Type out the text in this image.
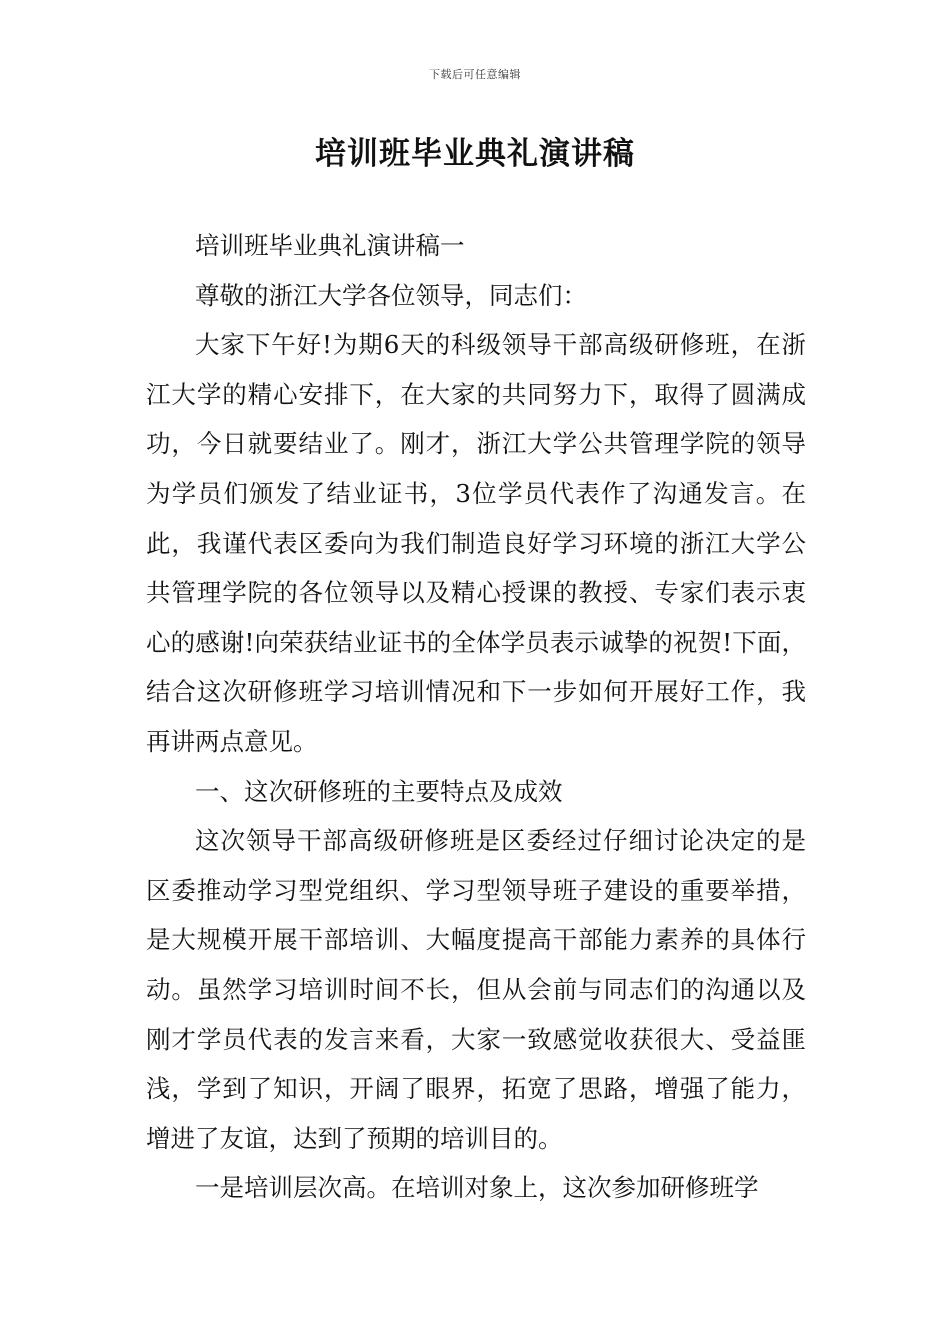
下载后可任意编辑
培训班毕业典礼演讲稿

培训班毕业典礼演讲稿一

尊敬的浙江大学各位领导，同志们：

大家下午好!为期6天的科级领导干部高级研修班，在浙江大学的精心安排下，在大家的共同努力下，取得了圆满成功，今日就要结业了。刚才，浙江大学公共管理学院的领导为学员们颁发了结业证书，3位学员代表作了沟通发言。在此，我谨代表区委向为我们制造良好学习环境的浙江大学公共管理学院的各位领导以及精心授课的教授、专家们表示衷心的感谢!向荣获结业证书的全体学员表示诚挚的祝贺!下面，结合这次研修班学习培训情况和下一步如何开展好工作，我再讲两点意见。

一、这次研修班的主要特点及成效

这次领导干部高级研修班是区委经过仔细讨论决定的是区委推动学习型党组织、学习型领导班子建设的重要举措，是大规模开展干部培训、大幅度提高干部能力素养的具体行动。虽然学习培训时间不长，但从会前与同志们的沟通以及刚才学员代表的发言来看，大家一致感觉收获很大、受益匪浅，学到了知识，开阔了眼界，拓宽了思路，增强了能力，增进了友谊，达到了预期的培训目的。

一是培训层次高。在培训对象上，这次参加研修班学
